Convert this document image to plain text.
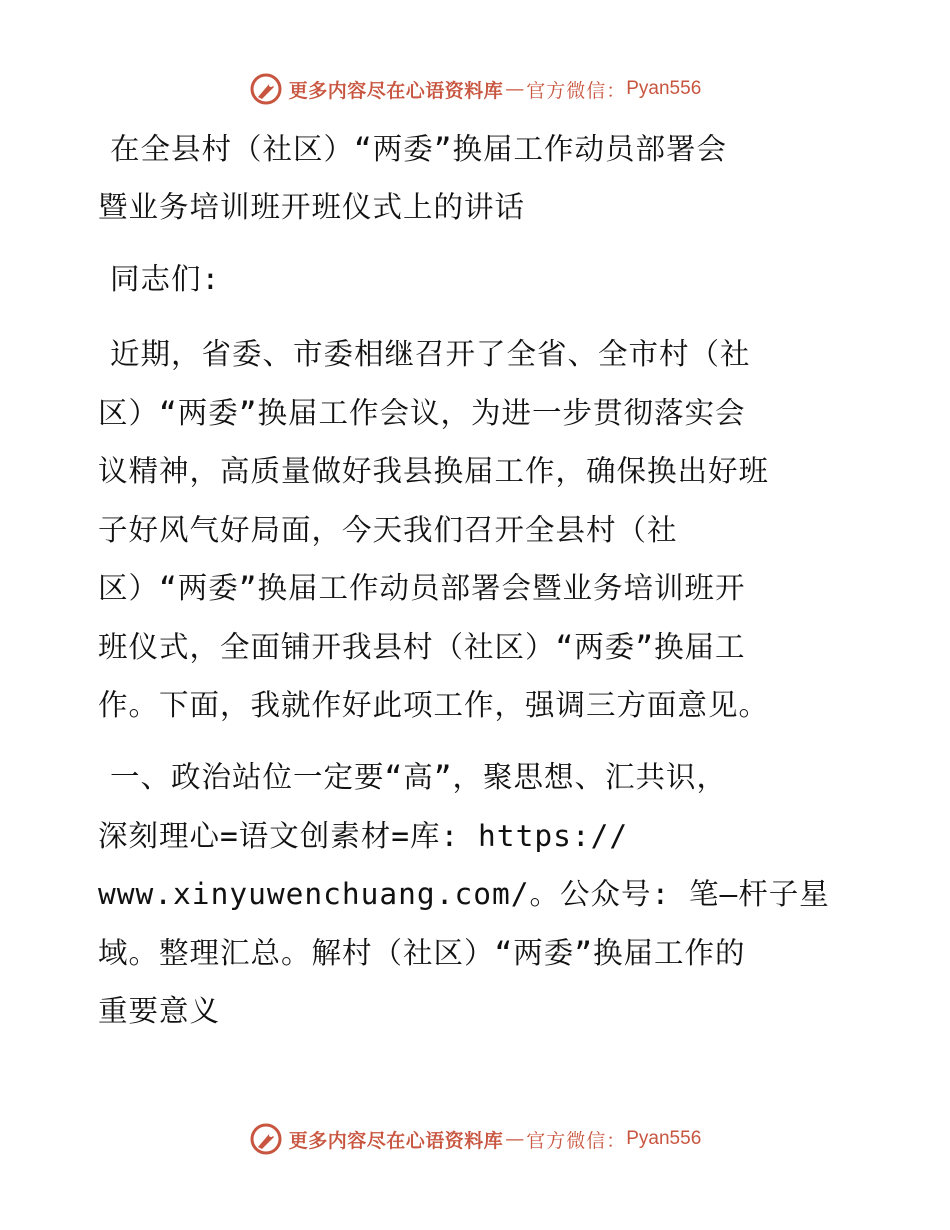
更多内容尽在心语资料库 — 官方微信： Pyan556
在全县村（社区）“两委”换届工作动员部署会
暨业务培训班开班仪式上的讲话
同志们:
近期，省委、市委相继召开了全省、全市村（社
区）“两委”换届工作会议，为进一步贯彻落实会
议精神，高质量做好我县换届工作，确保换出好班
子好风气好局面，今天我们召开全县村（社
区）“两委”换届工作动员部署会暨业务培训班开
班仪式，全面铺开我县村（社区）“两委”换届工
作。下面，我就作好此项工作，强调三方面意见。
一、政治站位一定要“高”，聚思想、汇共识，
深刻理心=语文创素材=库: https://
www.xinyuwenchuang.com/。公众号: 笔—杆子星
域。整理汇总。解村（社区）“两委”换届工作的
重要意义
更多内容尽在心语资料库 — 官方微信： Pyan556
